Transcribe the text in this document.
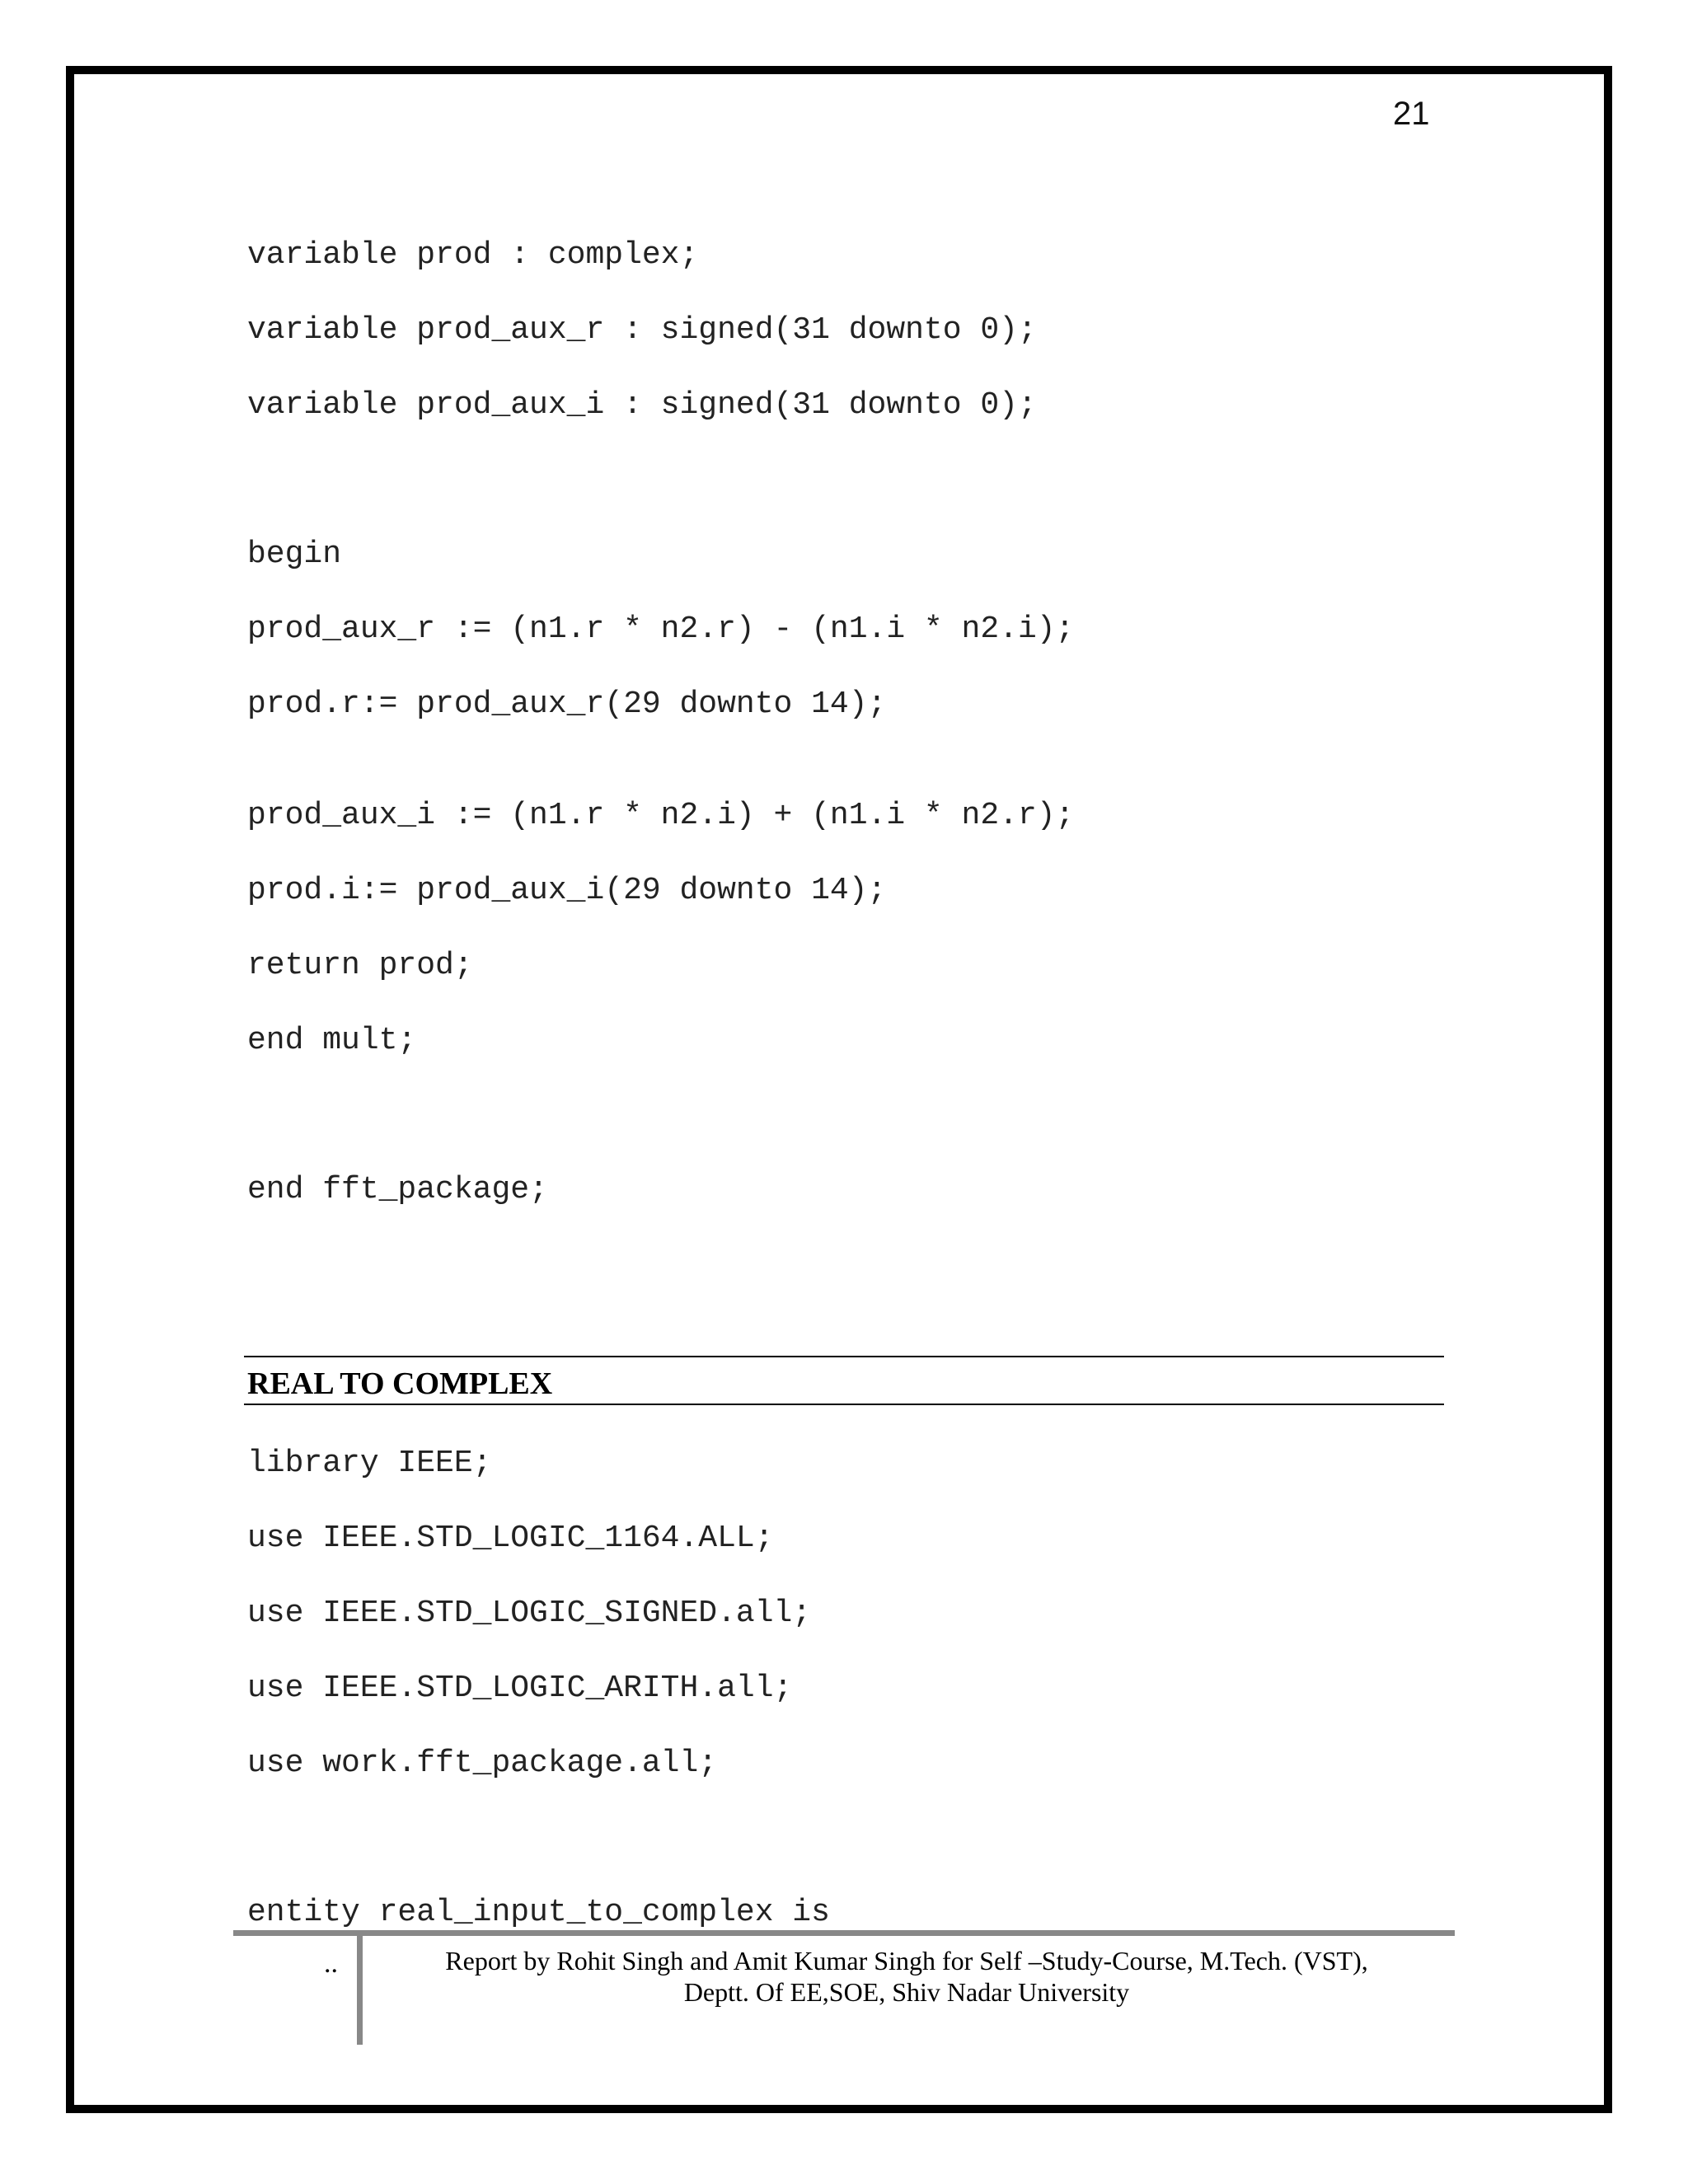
21
variable prod : complex;
variable prod_aux_r : signed(31 downto 0);
variable prod_aux_i : signed(31 downto 0);
begin
prod_aux_r := (n1.r * n2.r) - (n1.i * n2.i);
prod.r:= prod_aux_r(29 downto 14);
prod_aux_i := (n1.r * n2.i) + (n1.i * n2.r);
prod.i:= prod_aux_i(29 downto 14);
return prod;
end mult;
end fft_package;
REAL TO COMPLEX
library IEEE;
use IEEE.STD_LOGIC_1164.ALL;
use IEEE.STD_LOGIC_SIGNED.all;
use IEEE.STD_LOGIC_ARITH.all;
use work.fft_package.all;
entity real_input_to_complex is
..	Report by Rohit Singh and Amit Kumar Singh for Self –Study-Course, M.Tech. (VST),
Deptt. Of EE,SOE, Shiv Nadar University
